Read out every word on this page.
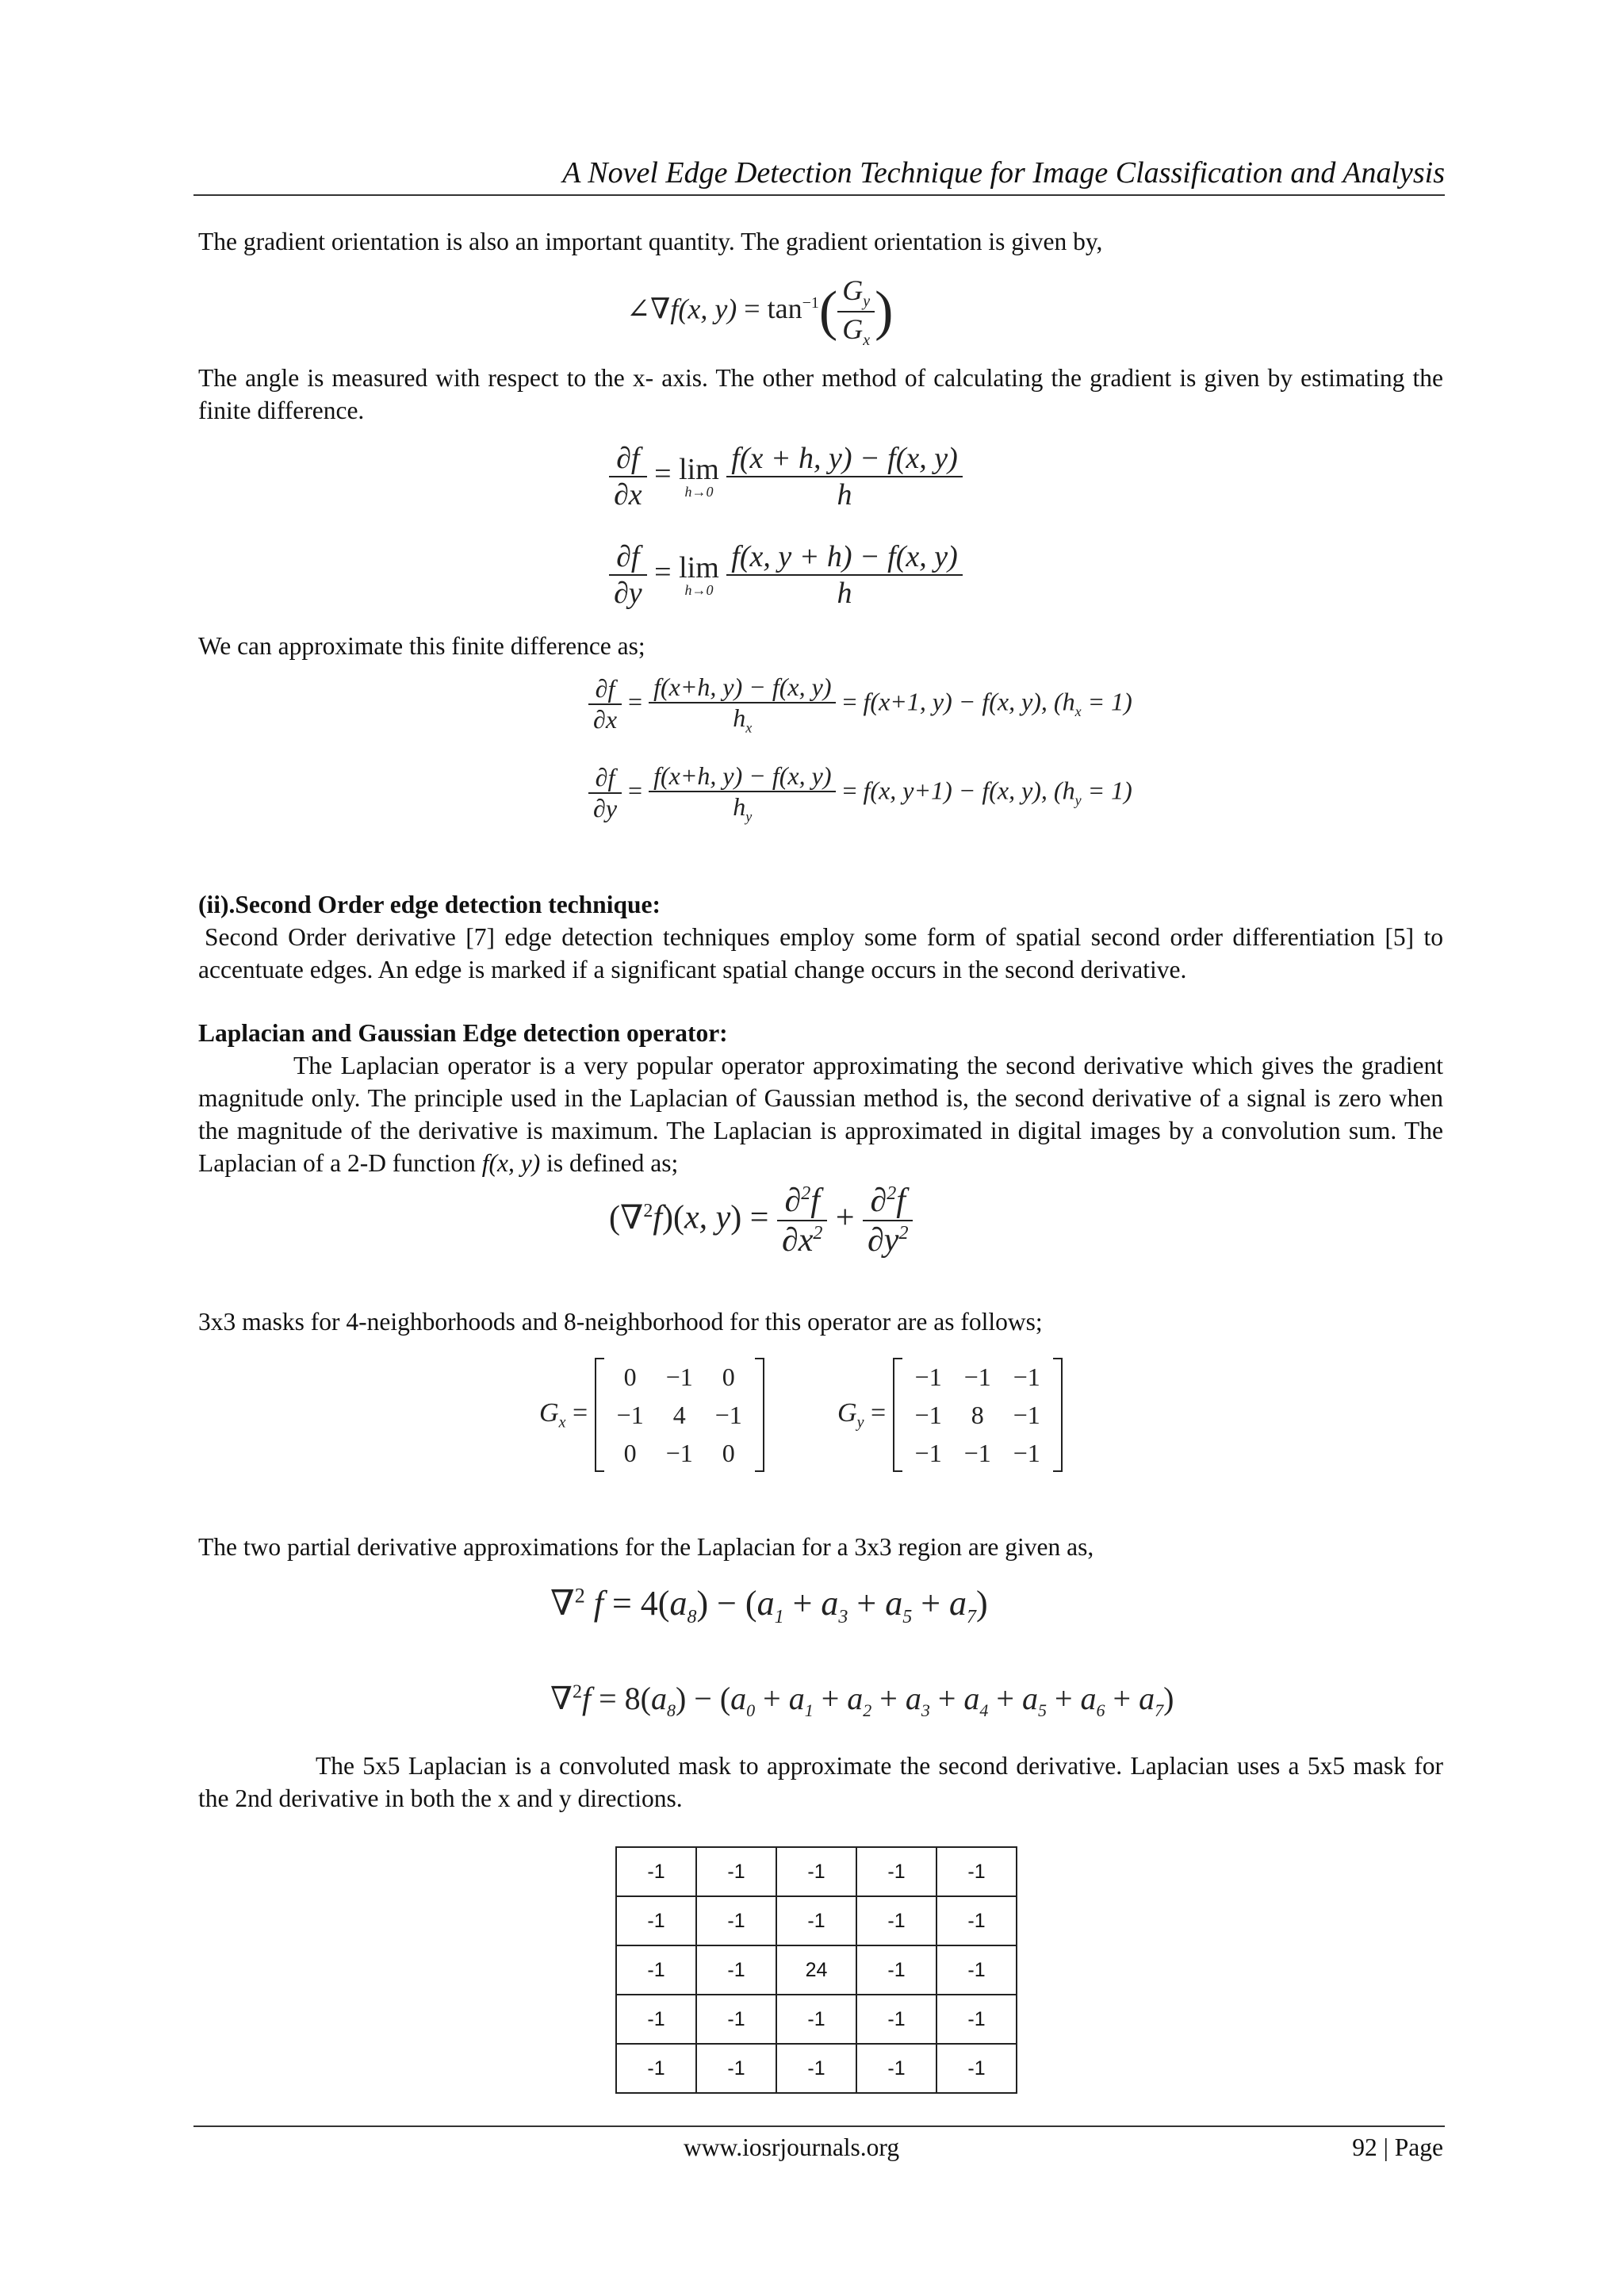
A Novel Edge Detection Technique for Image Classification and Analysis

The gradient orientation is also an important quantity. The gradient orientation is given by,

∠∇f(x, $y) = \tan^{-1}( \frac{G_y}{G_x}$ )

The angle is measured with respect to the x- axis. The other method of calculating the gradient is given by estimating the finite difference.

$\frac{\partial f}{\partial x} = \lim$
h→0
$\frac{f(x + h, y) - f(x, y)}{h}$
$\frac{\partial f}{\partial y} = \lim$
h→0
$\frac{f(x, y + h) - f(x, y)}{h}$

We can approximate this finite difference as;

$\frac{\partial f}{\partial x} = \frac{f(x+h, y) - f(x, y)}{h_x} = f(x+1$, y) − f(x, y), $(h_x = 1)$
$\frac{\partial f}{\partial y} = \frac{f(x+h, y) - f(x, y)}{h_y} = f(x$, y+1) − f(x, y), $(h_y = 1)$

(ii).Second Order edge detection technique:

Second Order derivative [7] edge detection techniques employ some form of spatial second order differentiation [5] to accentuate edges. An edge is marked if a significant spatial change occurs in the second derivative.

Laplacian and Gaussian Edge detection operator:

The Laplacian operator is a very popular operator approximating the second derivative which gives the gradient magnitude only. The principle used in the Laplacian of Gaussian method is, the second derivative of a signal is zero when the magnitude of the derivative is maximum. The Laplacian is approximated in digital images by a convolution sum. The Laplacian of a 2-D function f(x, y) is defined as;

(∇$^2$f)(x, $y) = \frac{\partial^2f}{\partial x^2} + \frac{\partial^2f}{\partial y^2}$

3x3 masks for 4-neighborhoods and 8-neighborhood for this operator are as follows;

$G_x$ =
0	−1	0
−1	4	−1
0	−1	0
$G_y$ =
−1	−1	−1
−1	8	−1
−1	−1	−1

The two partial derivative approximations for the Laplacian for a 3x3 region are given as,

∇$^2$ $f = 4(a_8) - (a_1 + a_3 + a_5 + a_7)$
$\nabla^2f = 8(a_8) - (a_0 + a_1 + a_2 + a_3 + a_4 + a_5 + a_6 + a_7)$

The 5x5 Laplacian is a convoluted mask to approximate the second derivative. Laplacian uses a 5x5 mask for the 2nd derivative in both the x and y directions.

-1	-1	-1	-1	-1
-1	-1	-1	-1	-1
-1	-1	24	-1	-1
-1	-1	-1	-1	-1
-1	-1	-1	-1	-1
www.iosrjournals.org	92 | Page
